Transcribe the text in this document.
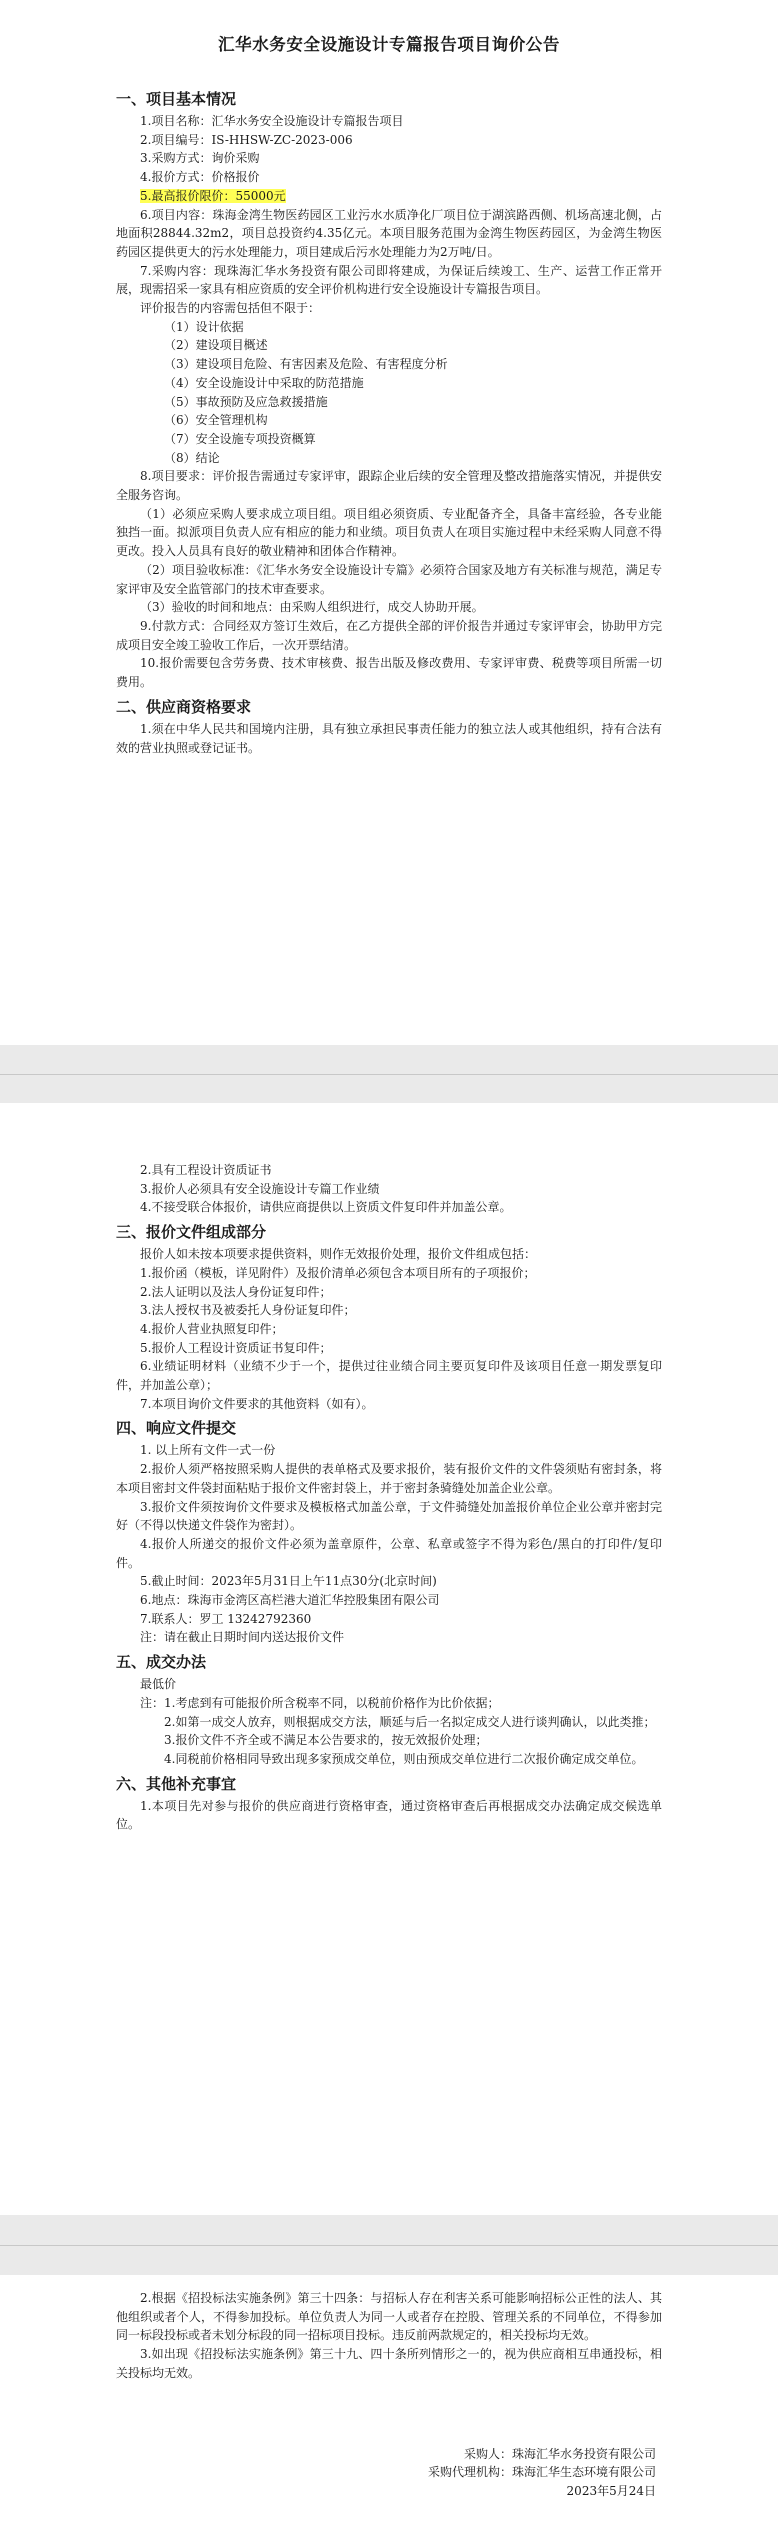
汇华水务安全设施设计专篇报告项目询价公告
一、项目基本情况

1.项目名称：汇华水务安全设施设计专篇报告项目

2.项目编号：IS-HHSW-ZC-2023-006

3.采购方式：询价采购

4.报价方式：价格报价

5.最高报价限价：55000元

6.项目内容：珠海金湾生物医药园区工业污水水质净化厂项目位于湖滨路西侧、机场高速北侧，占地面积28844.32m2，项目总投资约4.35亿元。本项目服务范围为金湾生物医药园区，为金湾生物医药园区提供更大的污水处理能力，项目建成后污水处理能力为2万吨/日。

7.采购内容：现珠海汇华水务投资有限公司即将建成，为保证后续竣工、生产、运营工作正常开展，现需招采一家具有相应资质的安全评价机构进行安全设施设计专篇报告项目。

评价报告的内容需包括但不限于：

（1）设计依据

（2）建设项目概述

（3）建设项目危险、有害因素及危险、有害程度分析

（4）安全设施设计中采取的防范措施

（5）事故预防及应急救援措施

（6）安全管理机构

（7）安全设施专项投资概算

（8）结论

8.项目要求：评价报告需通过专家评审，跟踪企业后续的安全管理及整改措施落实情况，并提供安全服务咨询。

（1）必须应采购人要求成立项目组。项目组必须资质、专业配备齐全，具备丰富经验，各专业能独挡一面。拟派项目负责人应有相应的能力和业绩。项目负责人在项目实施过程中未经采购人同意不得更改。投入人员具有良好的敬业精神和团体合作精神。

（2）项目验收标准：《汇华水务安全设施设计专篇》必须符合国家及地方有关标准与规范，满足专家评审及安全监管部门的技术审查要求。

（3）验收的时间和地点：由采购人组织进行，成交人协助开展。

9.付款方式：合同经双方签订生效后，在乙方提供全部的评价报告并通过专家评审会，协助甲方完成项目安全竣工验收工作后，一次开票结清。

10.报价需要包含劳务费、技术审核费、报告出版及修改费用、专家评审费、税费等项目所需一切费用。

二、供应商资格要求

1.须在中华人民共和国境内注册，具有独立承担民事责任能力的独立法人或其他组织，持有合法有效的营业执照或登记证书。

2.具有工程设计资质证书

3.报价人必须具有安全设施设计专篇工作业绩

4.不接受联合体报价，请供应商提供以上资质文件复印件并加盖公章。

三、报价文件组成部分

报价人如未按本项要求提供资料，则作无效报价处理，报价文件组成包括：

1.报价函（模板，详见附件）及报价清单必须包含本项目所有的子项报价；

2.法人证明以及法人身份证复印件；

3.法人授权书及被委托人身份证复印件；

4.报价人营业执照复印件；

5.报价人工程设计资质证书复印件；

6.业绩证明材料（业绩不少于一个，提供过往业绩合同主要页复印件及该项目任意一期发票复印件，并加盖公章）；

7.本项目询价文件要求的其他资料（如有）。

四、响应文件提交

1. 以上所有文件一式一份

2.报价人须严格按照采购人提供的表单格式及要求报价，装有报价文件的文件袋须贴有密封条，将本项目密封文件袋封面粘贴于报价文件密封袋上，并于密封条骑缝处加盖企业公章。

3.报价文件须按询价文件要求及模板格式加盖公章，于文件骑缝处加盖报价单位企业公章并密封完好（不得以快递文件袋作为密封）。

4.报价人所递交的报价文件必须为盖章原件，公章、私章或签字不得为彩色/黑白的打印件/复印件。

5.截止时间：2023年5月31日上午11点30分(北京时间)

6.地点：珠海市金湾区高栏港大道汇华控股集团有限公司

7.联系人：罗工 13242792360

注：请在截止日期时间内送达报价文件

五、成交办法

最低价

注：1.考虑到有可能报价所含税率不同，以税前价格作为比价依据；

2.如第一成交人放弃，则根据成交方法，顺延与后一名拟定成交人进行谈判确认，以此类推；

3.报价文件不齐全或不满足本公告要求的，按无效报价处理；

4.同税前价格相同导致出现多家预成交单位，则由预成交单位进行二次报价确定成交单位。

六、其他补充事宜

1.本项目先对参与报价的供应商进行资格审查，通过资格审查后再根据成交办法确定成交候选单位。

2.根据《招投标法实施条例》第三十四条：与招标人存在利害关系可能影响招标公正性的法人、其他组织或者个人，不得参加投标。单位负责人为同一人或者存在控股、管理关系的不同单位，不得参加同一标段投标或者未划分标段的同一招标项目投标。违反前两款规定的，相关投标均无效。

3.如出现《招投标法实施条例》第三十九、四十条所列情形之一的，视为供应商相互串通投标，相关投标均无效。

采购人：珠海汇华水务投资有限公司

采购代理机构：珠海汇华生态环境有限公司

2023年5月24日
